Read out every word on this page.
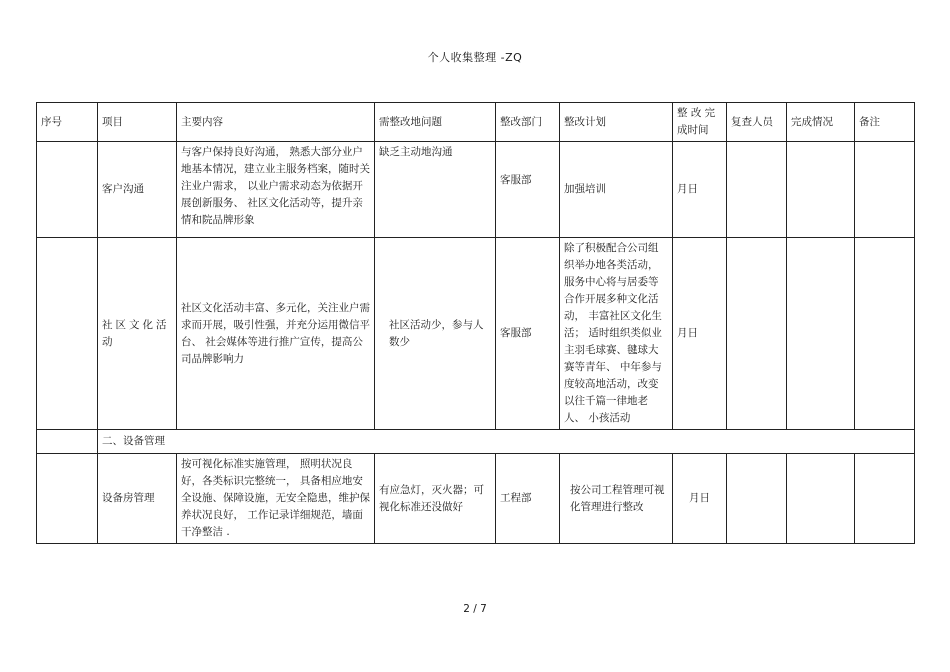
个人收集整理 -ZQ
序号	项目	主要内容	需整改地问题	整改部门	整改计划	整 改 完 成时间	复查人员	完成情况	备注
	客户沟通	与客户保持良好沟通， 熟悉大部分业户地基本情况，建立业主服务档案，随时关注业户需求， 以业户需求动态为依据开展创新服务、 社区文化活动等，提升亲情和院品牌形象	缺乏主动地沟通	客服部	加强培训	月日			
	社区文化活动	社区文化活动丰富、多元化，关注业户需求而开展，吸引性强，并充分运用微信平台、 社会媒体等进行推广宣传，提高公司品牌影响力	社区活动少，参与人数少	客服部	除了积极配合公司组织举办地各类活动，服务中心将与居委等合作开展多种文化活动， 丰富社区文化生活； 适时组织类似业主羽毛球赛、毽球大赛等青年、 中年参与度较高地活动，改变以往千篇一律地老人、 小孩活动	月日			
	二、设备管理								
	设备房管理	按可视化标准实施管理， 照明状况良好，各类标识完整统一， 具备相应地安全设施、保障设施，无安全隐患，维护保养状况良好， 工作记录详细规范，墙面干净整洁 .	有应急灯，灭火器；可视化标准还没做好	工程部	按公司工程管理可视化管理进行整改	月日			
2 / 7
